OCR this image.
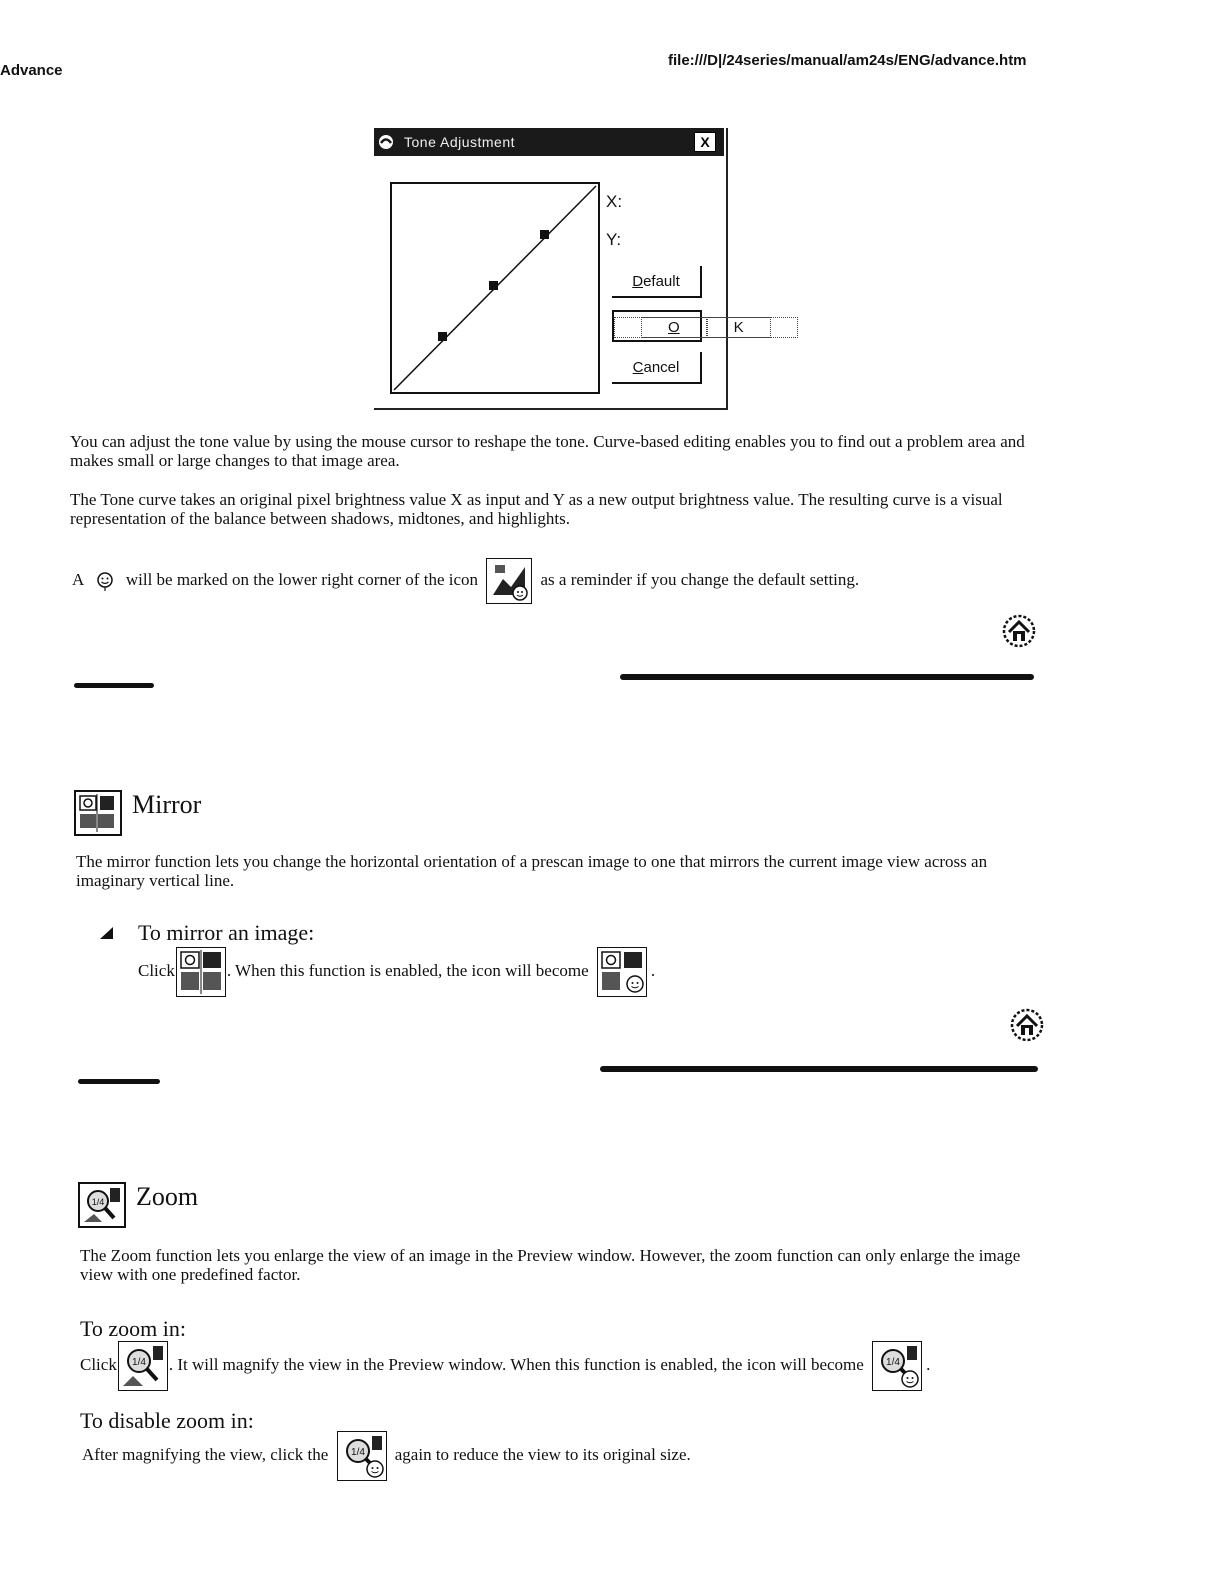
Advance
file:///D|/24series/manual/am24s/ENG/advance.htm
Tone Adjustment	X
X:
Y:
Default
O	K
Cancel

You can adjust the tone value by using the mouse cursor to reshape the tone. Curve-based editing enables you to find out a problem area and makes small or large changes to that image area.

The Tone curve takes an original pixel brightness value X as input and Y as a new output brightness value. The resulting curve is a visual representation of the balance between shadows, midtones, and highlights.

A	will be marked on the lower right corner of the icon	as a reminder if you change the default setting.
Mirror

The mirror function lets you change the horizontal orientation of a prescan image to one that mirrors the current image view across an imaginary vertical line.

To mirror an image:
Click	. When this function is enabled, the icon will become	.
1/4 Zoom

The Zoom function lets you enlarge the view of an image in the Preview window. However, the zoom function can only enlarge the image view with one predefined factor.

To zoom in:
Click 1/4 . It will magnify the view in the Preview window. When this function is enabled, the icon will become 1/4 .
To disable zoom in:
After magnifying the view, click the 1/4 again to reduce the view to its original size.
